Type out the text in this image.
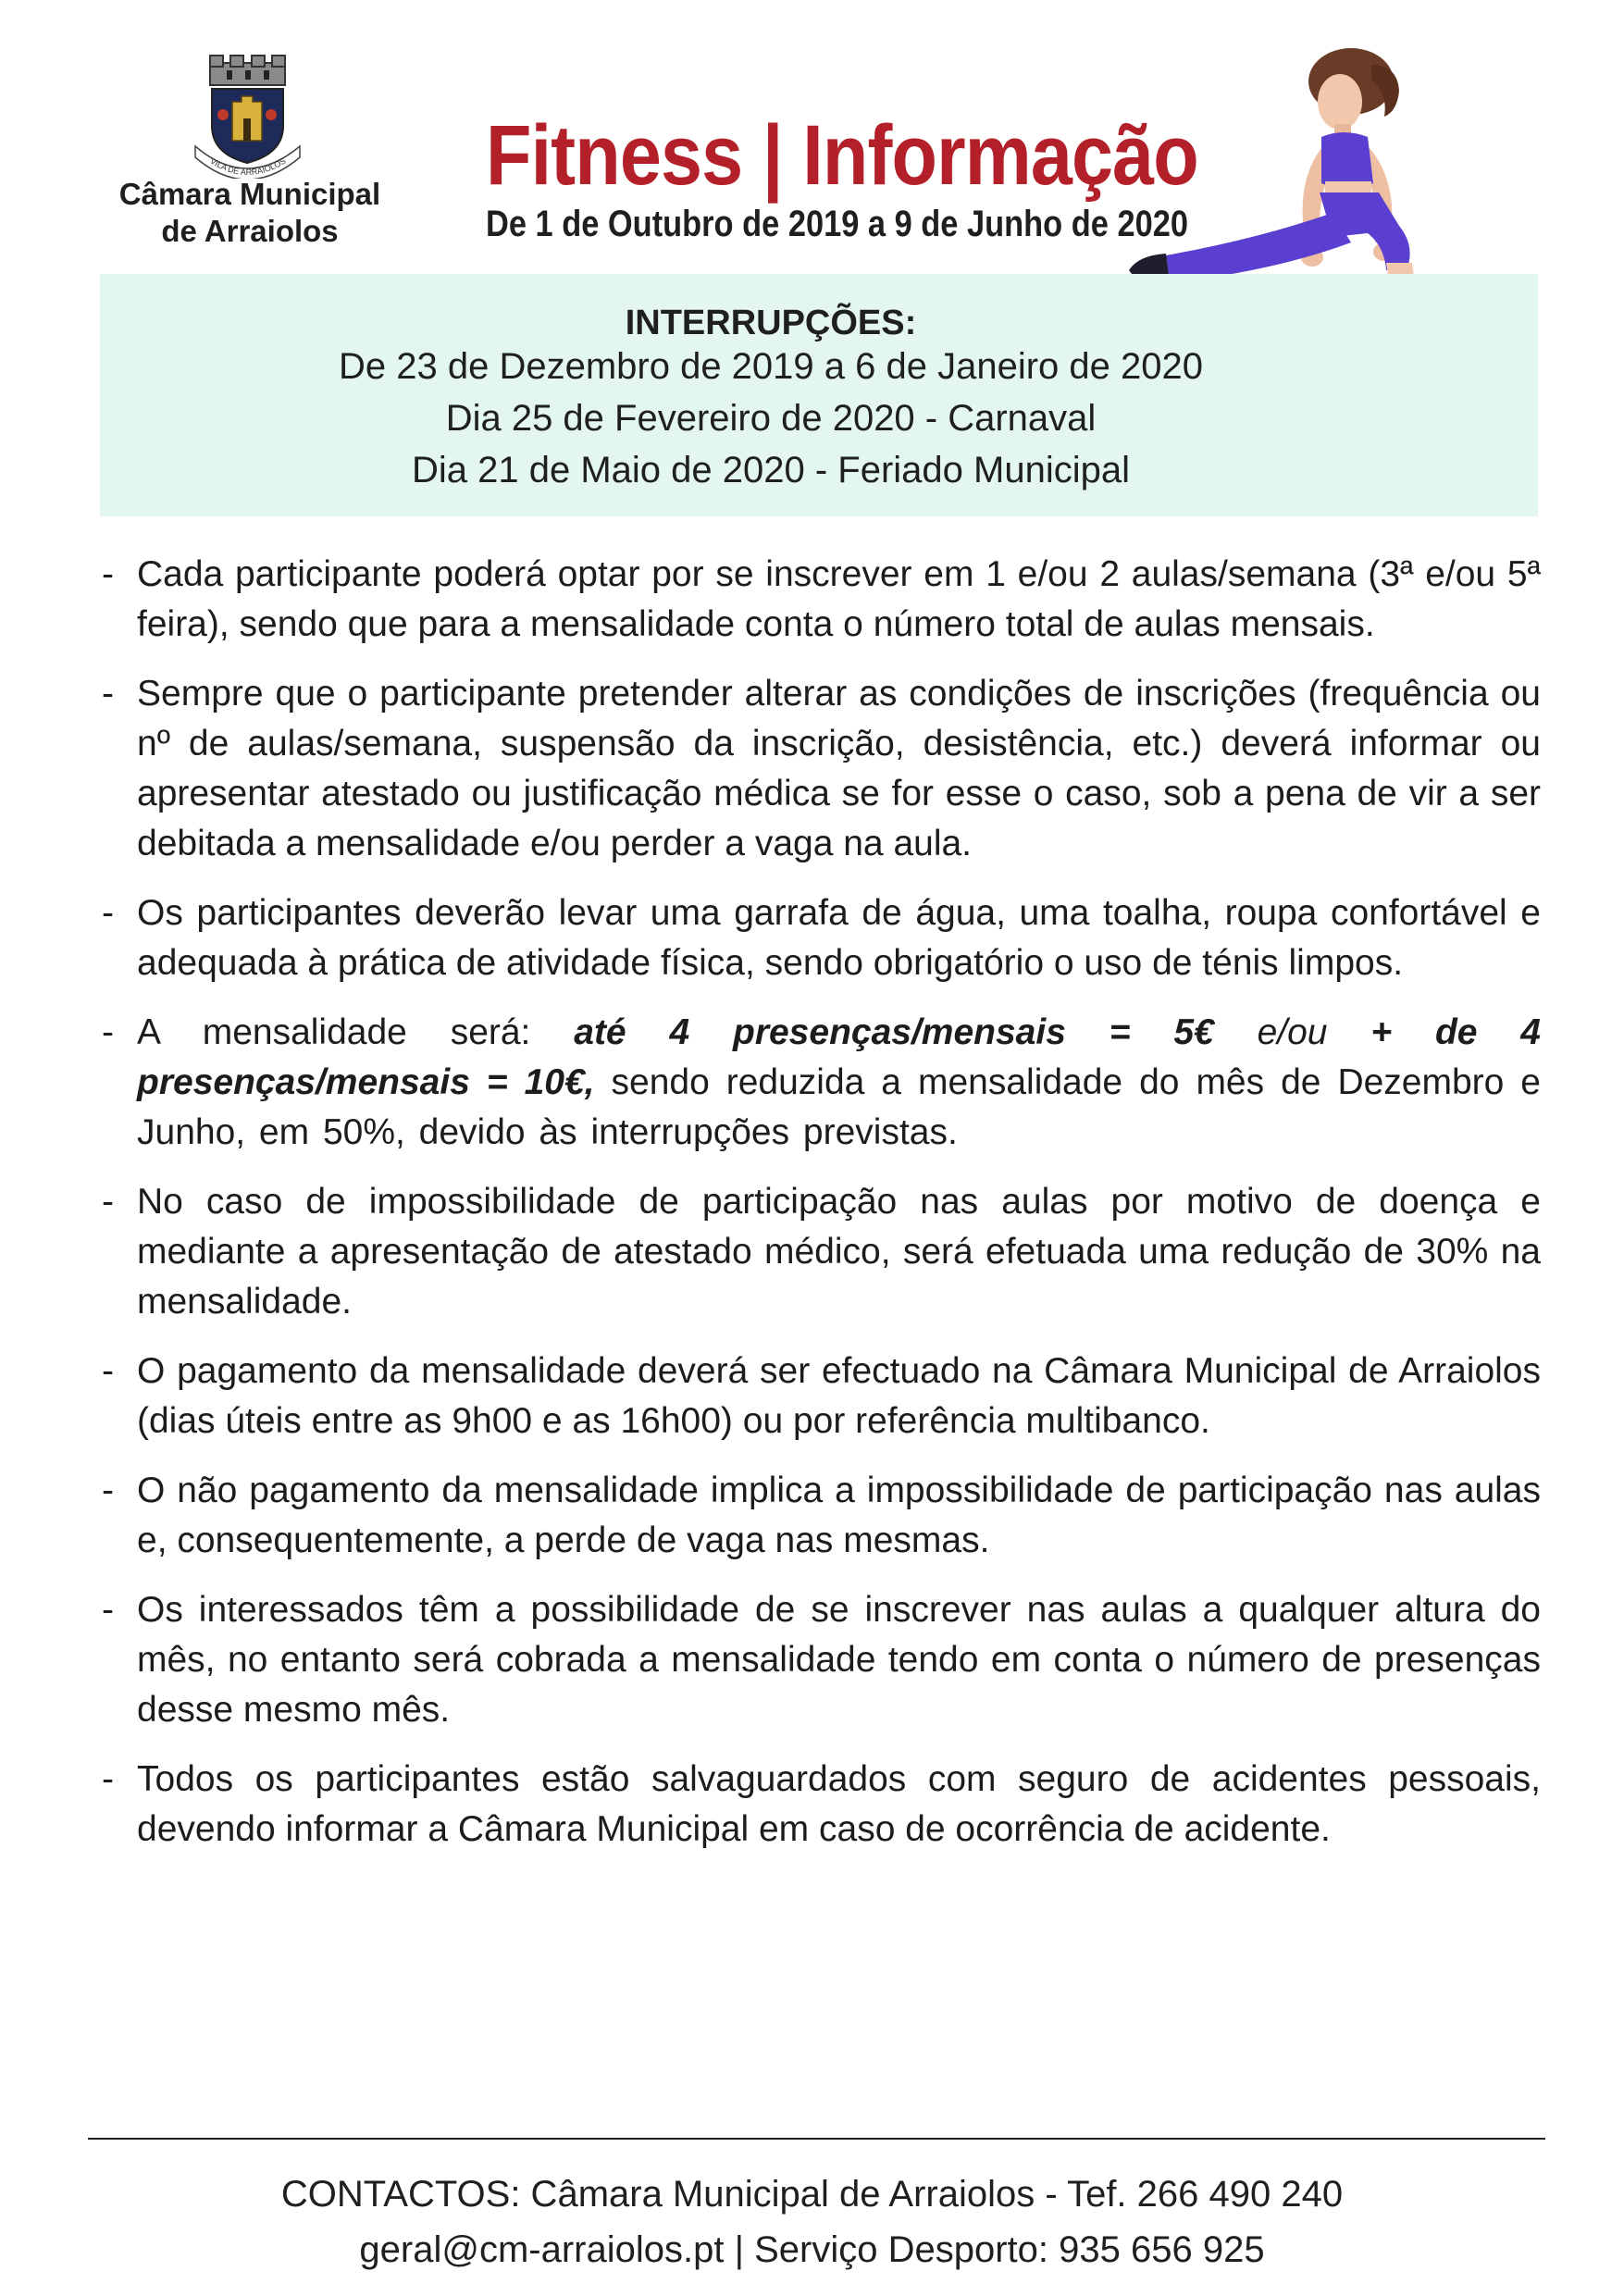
VILA DE ARRAIOLOS
Câmara Municipal
de Arraiolos
Fitness | Informação
De 1 de Outubro de 2019 a 9 de Junho de 2020
INTERRUPÇÕES:
De 23 de Dezembro de 2019 a 6 de Janeiro de 2020
Dia 25 de Fevereiro de 2020 - Carnaval
Dia 21 de Maio de 2020 - Feriado Municipal
- Cada participante poderá optar por se inscrever em 1 e/ou 2 aulas/semana (3ª e/ou 5ª feira), sendo que para a mensalidade conta o número total de aulas mensais.
- Sempre que o participante pretender alterar as condições de inscrições (frequência ou nº de aulas/semana, suspensão da inscrição, desistência, etc.) deverá informar ou apresentar atestado ou justificação médica se for esse o caso, sob a pena de vir a ser debitada a mensalidade e/ou perder a vaga na aula.
- Os participantes deverão levar uma garrafa de água, uma toalha, roupa confortável e adequada à prática de atividade física, sendo obrigatório o uso de ténis limpos.
- A mensalidade será: até 4 presenças/mensais = 5€ e/ou + de 4 presenças/mensais = 10€, sendo reduzida a mensalidade do mês de Dezembro e Junho, em 50%, devido às interrupções previstas.
- No caso de impossibilidade de participação nas aulas por motivo de doença e mediante a apresentação de atestado médico, será efetuada uma redução de 30% na mensalidade.
- O pagamento da mensalidade deverá ser efectuado na Câmara Municipal de Arraiolos (dias úteis entre as 9h00 e as 16h00) ou por referência multibanco.
- O não pagamento da mensalidade implica a impossibilidade de participação nas aulas e, consequentemente, a perde de vaga nas mesmas.
- Os interessados têm a possibilidade de se inscrever nas aulas a qualquer altura do mês, no entanto será cobrada a mensalidade tendo em conta o número de presenças desse mesmo mês.
- Todos os participantes estão salvaguardados com seguro de acidentes pessoais, devendo informar a Câmara Municipal em caso de ocorrência de acidente.
CONTACTOS: Câmara Municipal de Arraiolos - Tef. 266 490 240
geral@cm-arraiolos.pt | Serviço Desporto: 935 656 925
